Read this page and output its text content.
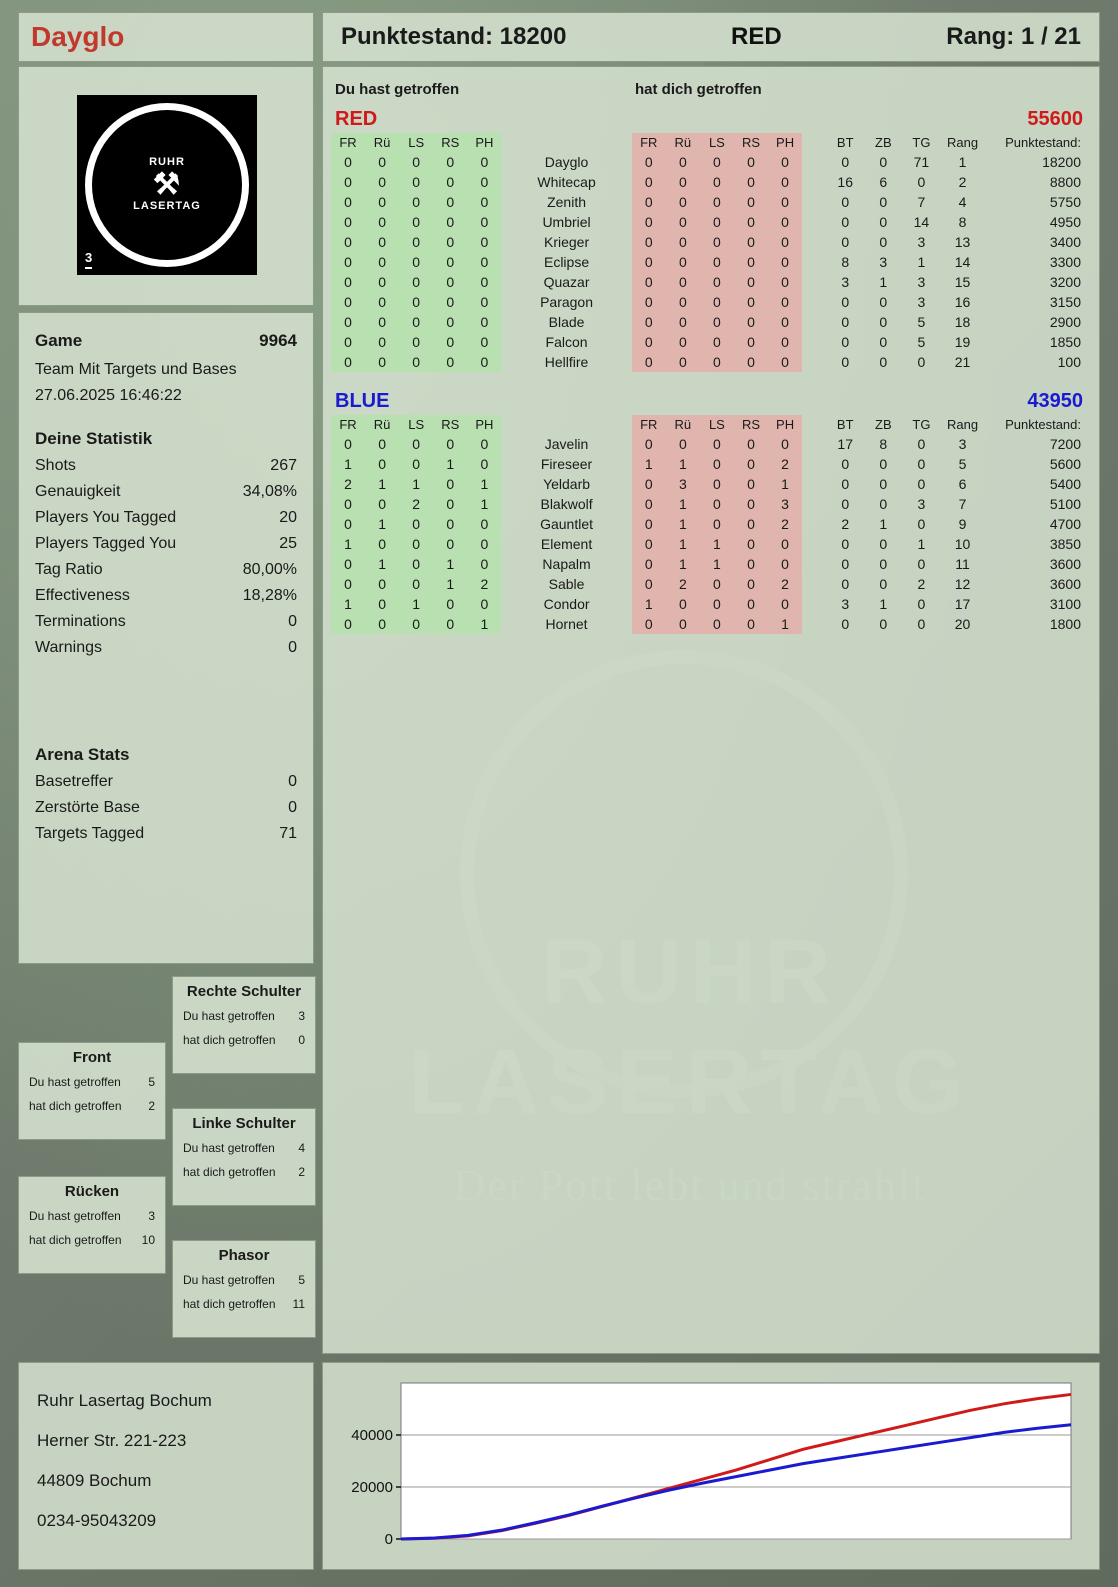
Dayglo	Punktestand: 18200	RED	Rang: 1 / 21
RUHR
⚒
LASERTAG
3
Game	9964
Team Mit Targets und Bases
27.06.2025 16:46:22
Deine Statistik
Shots	267
Genauigkeit	34,08%
Players You Tagged	20
Players Tagged You	25
Tag Ratio	80,00%
Effectiveness	18,28%
Terminations	0
Warnings	0
Arena Stats
Basetreffer	0
Zerstörte Base	0
Targets Tagged	71
Rechte Schulter
Du hast getroffen 3
hat dich getroffen 0
Front
Du hast getroffen 5
hat dich getroffen 2
Linke Schulter
Du hast getroffen 4
hat dich getroffen 2
Rücken
Du hast getroffen 3
hat dich getroffen 10
Phasor
Du hast getroffen 5
hat dich getroffen 11
Ruhr Lasertag Bochum
Herner Str. 221-223
44809 Bochum
0234-95043209
Du hast getroffen	hat dich getroffen
RED	55600
FR	Rü	LS	RS	PH		FR	Rü	LS	RS	PH		BT	ZB	TG	Rang	Punktestand:
0	0	0	0	0	Dayglo	0	0	0	0	0		0	0	71	1	18200
0	0	0	0	0	Whitecap	0	0	0	0	0		16	6	0	2	8800
0	0	0	0	0	Zenith	0	0	0	0	0		0	0	7	4	5750
0	0	0	0	0	Umbriel	0	0	0	0	0		0	0	14	8	4950
0	0	0	0	0	Krieger	0	0	0	0	0		0	0	3	13	3400
0	0	0	0	0	Eclipse	0	0	0	0	0		8	3	1	14	3300
0	0	0	0	0	Quazar	0	0	0	0	0		3	1	3	15	3200
0	0	0	0	0	Paragon	0	0	0	0	0		0	0	3	16	3150
0	0	0	0	0	Blade	0	0	0	0	0		0	0	5	18	2900
0	0	0	0	0	Falcon	0	0	0	0	0		0	0	5	19	1850
0	0	0	0	0	Hellfire	0	0	0	0	0		0	0	0	21	100
BLUE	43950
FR	Rü	LS	RS	PH		FR	Rü	LS	RS	PH		BT	ZB	TG	Rang	Punktestand:
0	0	0	0	0	Javelin	0	0	0	0	0		17	8	0	3	7200
1	0	0	1	0	Fireseer	1	1	0	0	2		0	0	0	5	5600
2	1	1	0	1	Yeldarb	0	3	0	0	1		0	0	0	6	5400
0	0	2	0	1	Blakwolf	0	1	0	0	3		0	0	3	7	5100
0	1	0	0	0	Gauntlet	0	1	0	0	2		2	1	0	9	4700
1	0	0	0	0	Element	0	1	1	0	0		0	0	1	10	3850
0	1	0	1	0	Napalm	0	1	1	0	0		0	0	0	11	3600
0	0	0	1	2	Sable	0	2	0	0	2		0	0	2	12	3600
1	0	1	0	0	Condor	1	0	0	0	0		3	1	0	17	3100
0	0	0	0	1	Hornet	0	0	0	0	1		0	0	0	20	1800
0
20000
40000
